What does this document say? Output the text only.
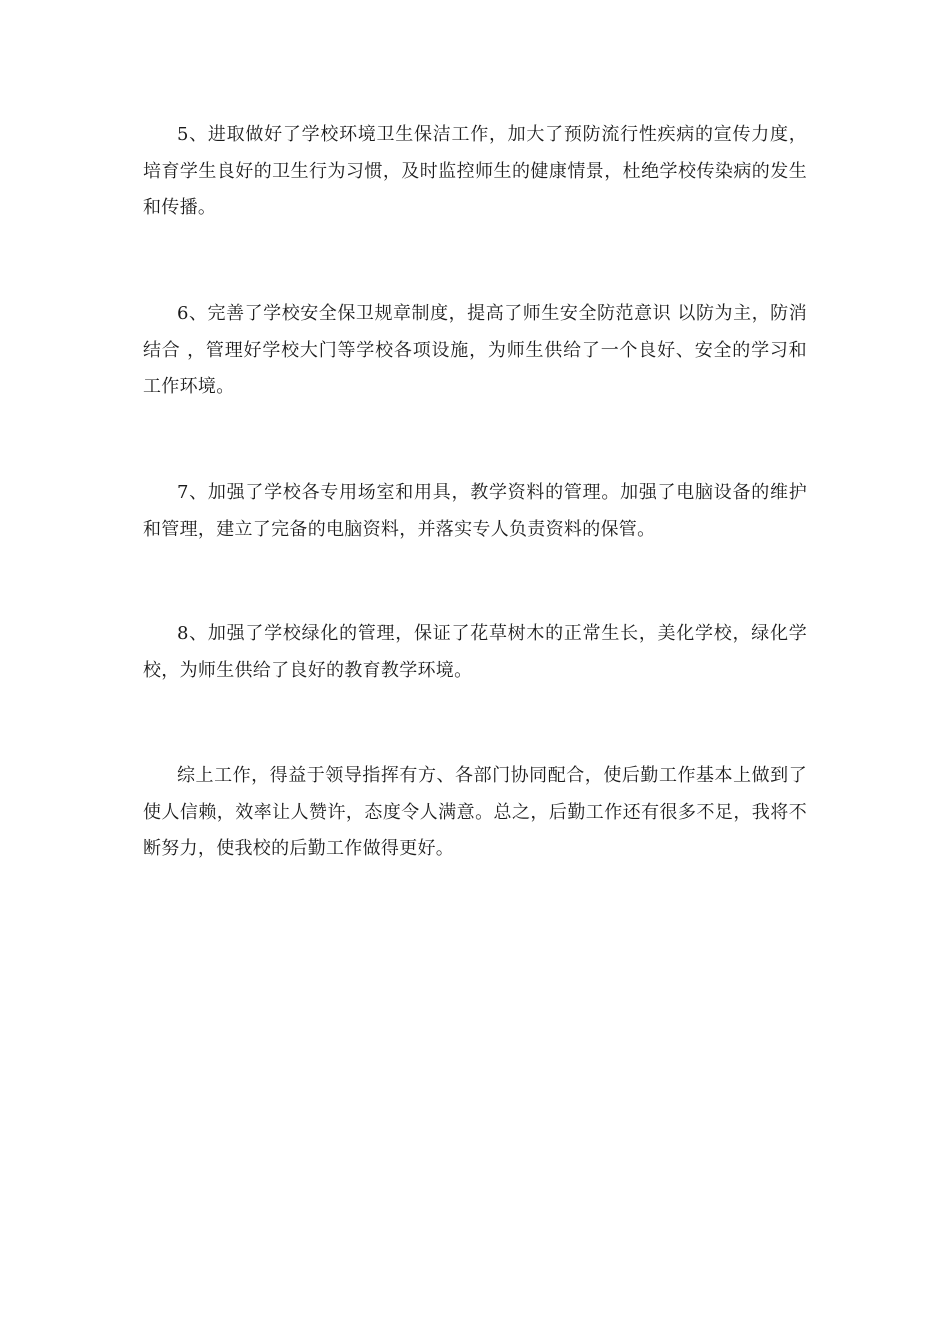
5、进取做好了学校环境卫生保洁工作，加大了预防流行性疾病的宣传力度，培育学生良好的卫生行为习惯，及时监控师生的健康情景，杜绝学校传染病的发生和传播。

6、完善了学校安全保卫规章制度，提高了师生安全防范意识 以防为主，防消结合 ，管理好学校大门等学校各项设施，为师生供给了一个良好、安全的学习和工作环境。

7、加强了学校各专用场室和用具，教学资料的管理。加强了电脑设备的维护和管理，建立了完备的电脑资料，并落实专人负责资料的保管。

8、加强了学校绿化的管理，保证了花草树木的正常生长，美化学校，绿化学校，为师生供给了良好的教育教学环境。

综上工作，得益于领导指挥有方、各部门协同配合，使后勤工作基本上做到了使人信赖，效率让人赞许，态度令人满意。总之，后勤工作还有很多不足，我将不断努力，使我校的后勤工作做得更好。
